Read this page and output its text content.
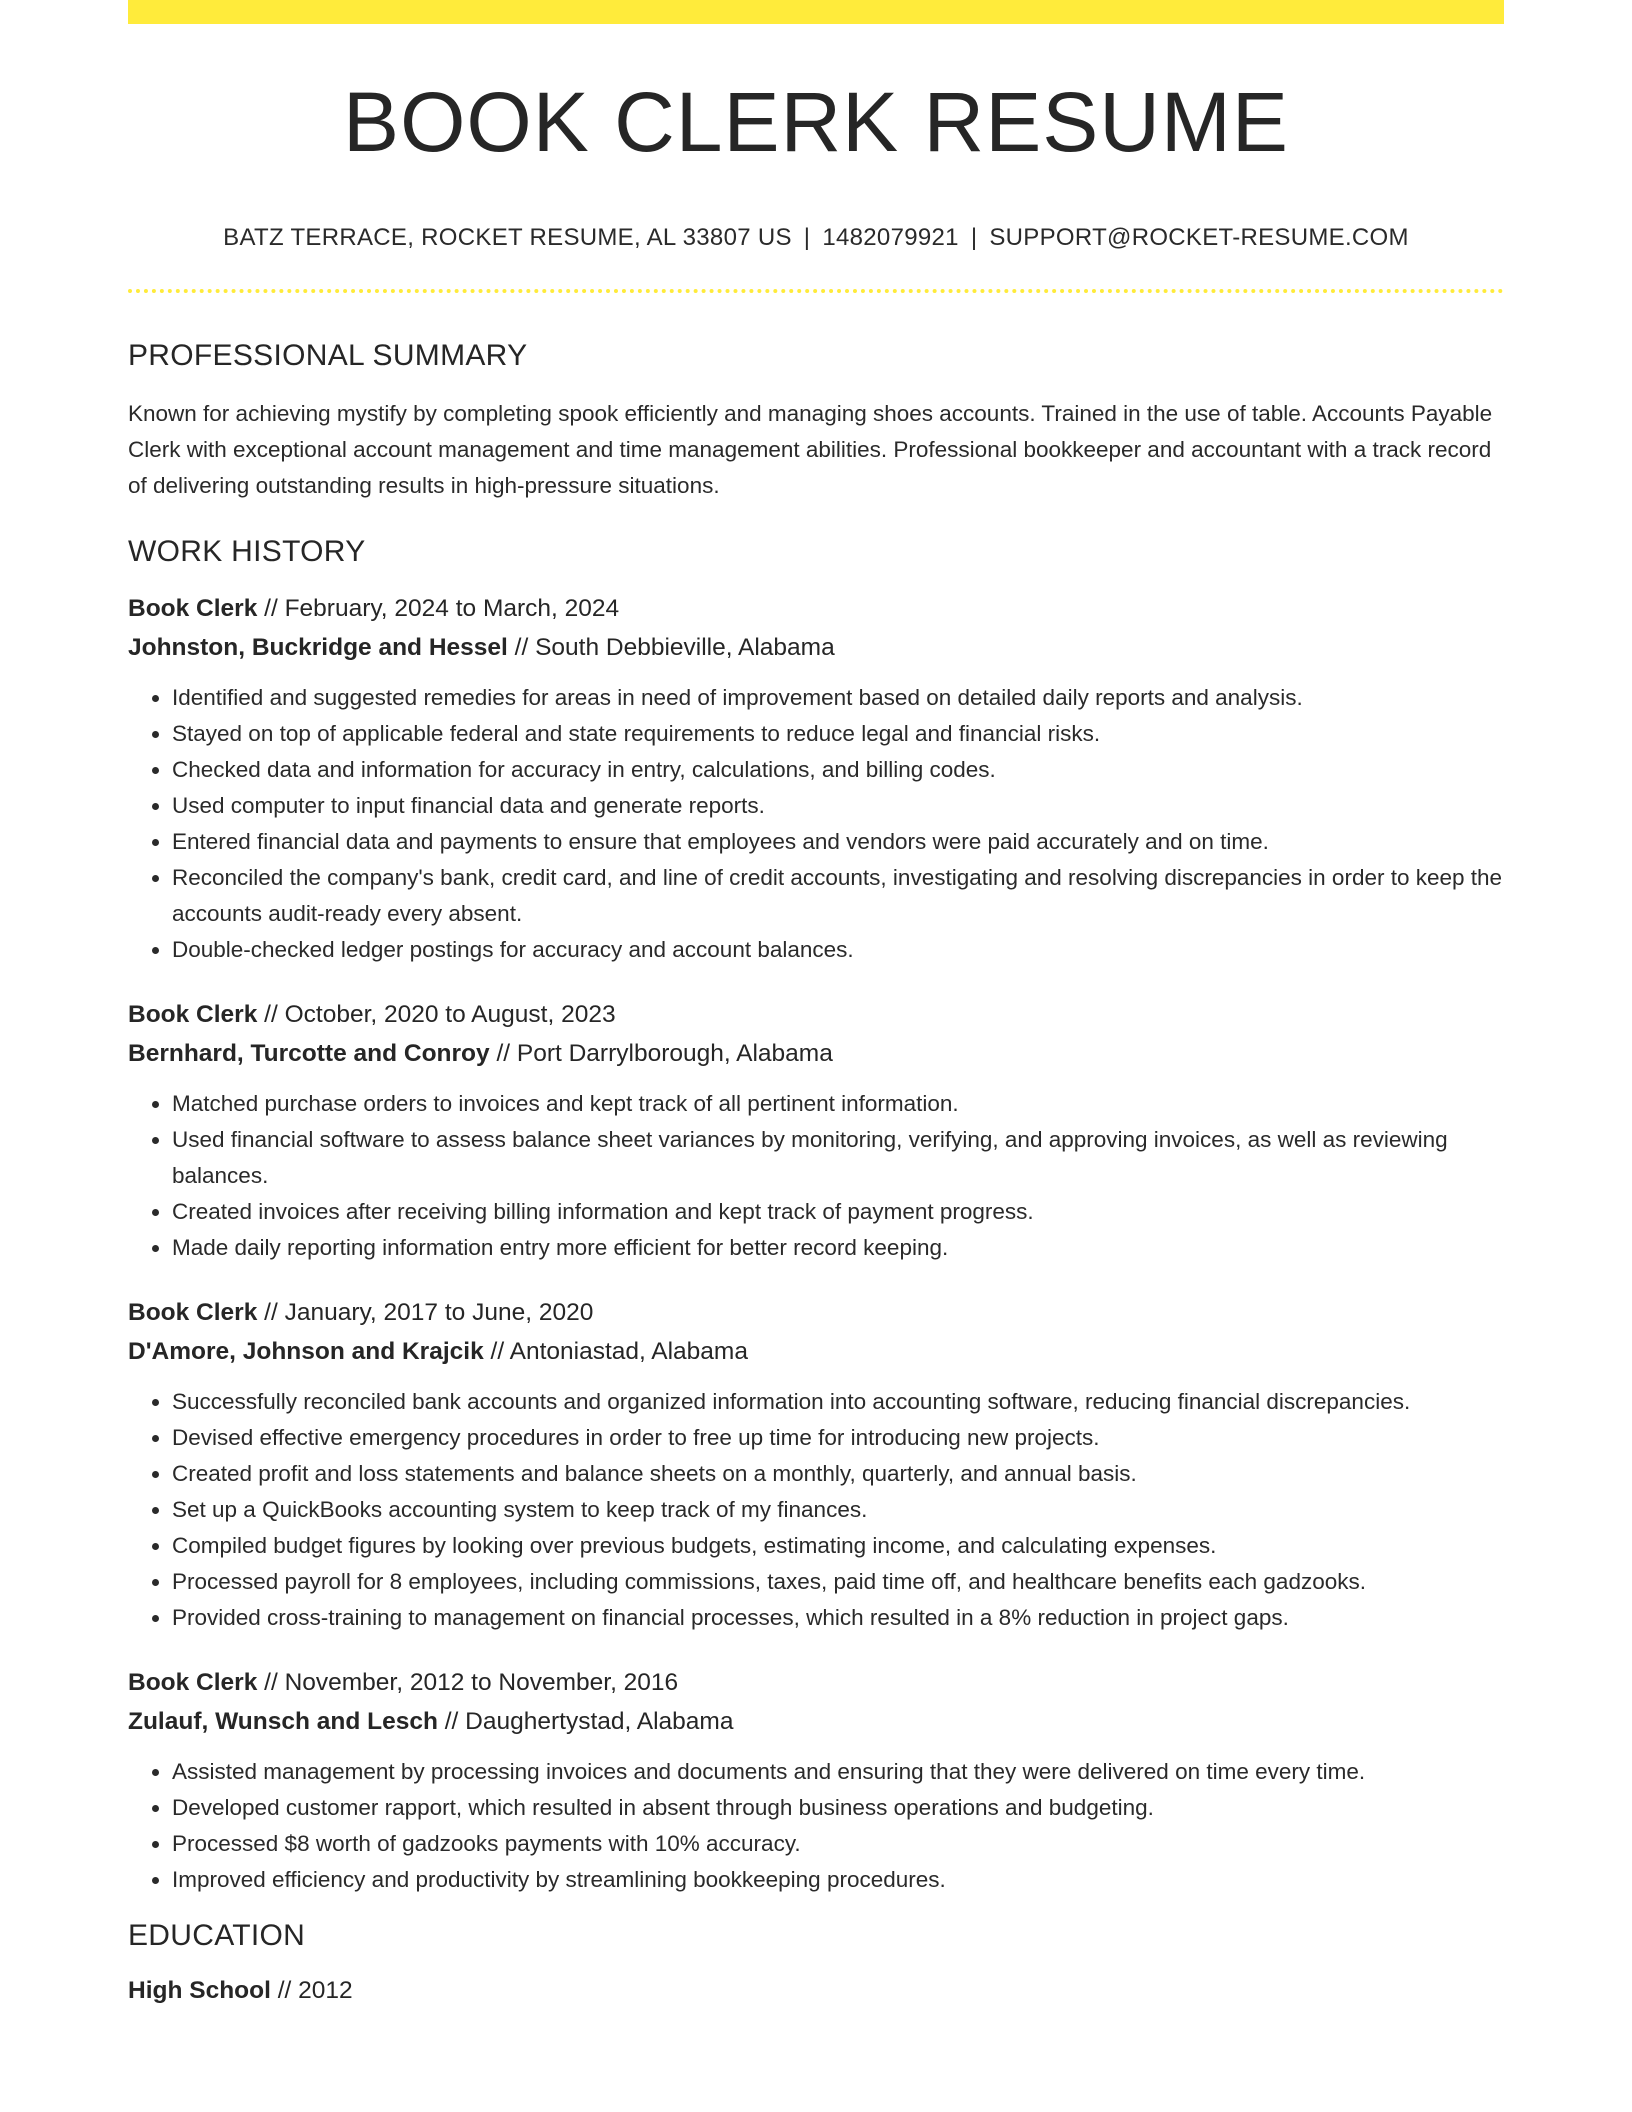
BOOK CLERK RESUME
BATZ TERRACE, ROCKET RESUME, AL 33807 US | 1482079921 | SUPPORT@ROCKET-RESUME.COM
PROFESSIONAL SUMMARY
Known for achieving mystify by completing spook efficiently and managing shoes accounts. Trained in the use of table. Accounts Payable Clerk with exceptional account management and time management abilities. Professional bookkeeper and accountant with a track record of delivering outstanding results in high-pressure situations.
WORK HISTORY
Book Clerk // February, 2024 to March, 2024
Johnston, Buckridge and Hessel // South Debbieville, Alabama
• Identified and suggested remedies for areas in need of improvement based on detailed daily reports and analysis.
• Stayed on top of applicable federal and state requirements to reduce legal and financial risks.
• Checked data and information for accuracy in entry, calculations, and billing codes.
• Used computer to input financial data and generate reports.
• Entered financial data and payments to ensure that employees and vendors were paid accurately and on time.
• Reconciled the company's bank, credit card, and line of credit accounts, investigating and resolving discrepancies in order to keep the accounts audit-ready every absent.
• Double-checked ledger postings for accuracy and account balances.
Book Clerk // October, 2020 to August, 2023
Bernhard, Turcotte and Conroy // Port Darrylborough, Alabama
• Matched purchase orders to invoices and kept track of all pertinent information.
• Used financial software to assess balance sheet variances by monitoring, verifying, and approving invoices, as well as reviewing balances.
• Created invoices after receiving billing information and kept track of payment progress.
• Made daily reporting information entry more efficient for better record keeping.
Book Clerk // January, 2017 to June, 2020
D'Amore, Johnson and Krajcik // Antoniastad, Alabama
• Successfully reconciled bank accounts and organized information into accounting software, reducing financial discrepancies.
• Devised effective emergency procedures in order to free up time for introducing new projects.
• Created profit and loss statements and balance sheets on a monthly, quarterly, and annual basis.
• Set up a QuickBooks accounting system to keep track of my finances.
• Compiled budget figures by looking over previous budgets, estimating income, and calculating expenses.
• Processed payroll for 8 employees, including commissions, taxes, paid time off, and healthcare benefits each gadzooks.
• Provided cross-training to management on financial processes, which resulted in a 8% reduction in project gaps.
Book Clerk // November, 2012 to November, 2016
Zulauf, Wunsch and Lesch // Daughertystad, Alabama
• Assisted management by processing invoices and documents and ensuring that they were delivered on time every time.
• Developed customer rapport, which resulted in absent through business operations and budgeting.
• Processed $8 worth of gadzooks payments with 10% accuracy.
• Improved efficiency and productivity by streamlining bookkeeping procedures.
EDUCATION
High School // 2012
